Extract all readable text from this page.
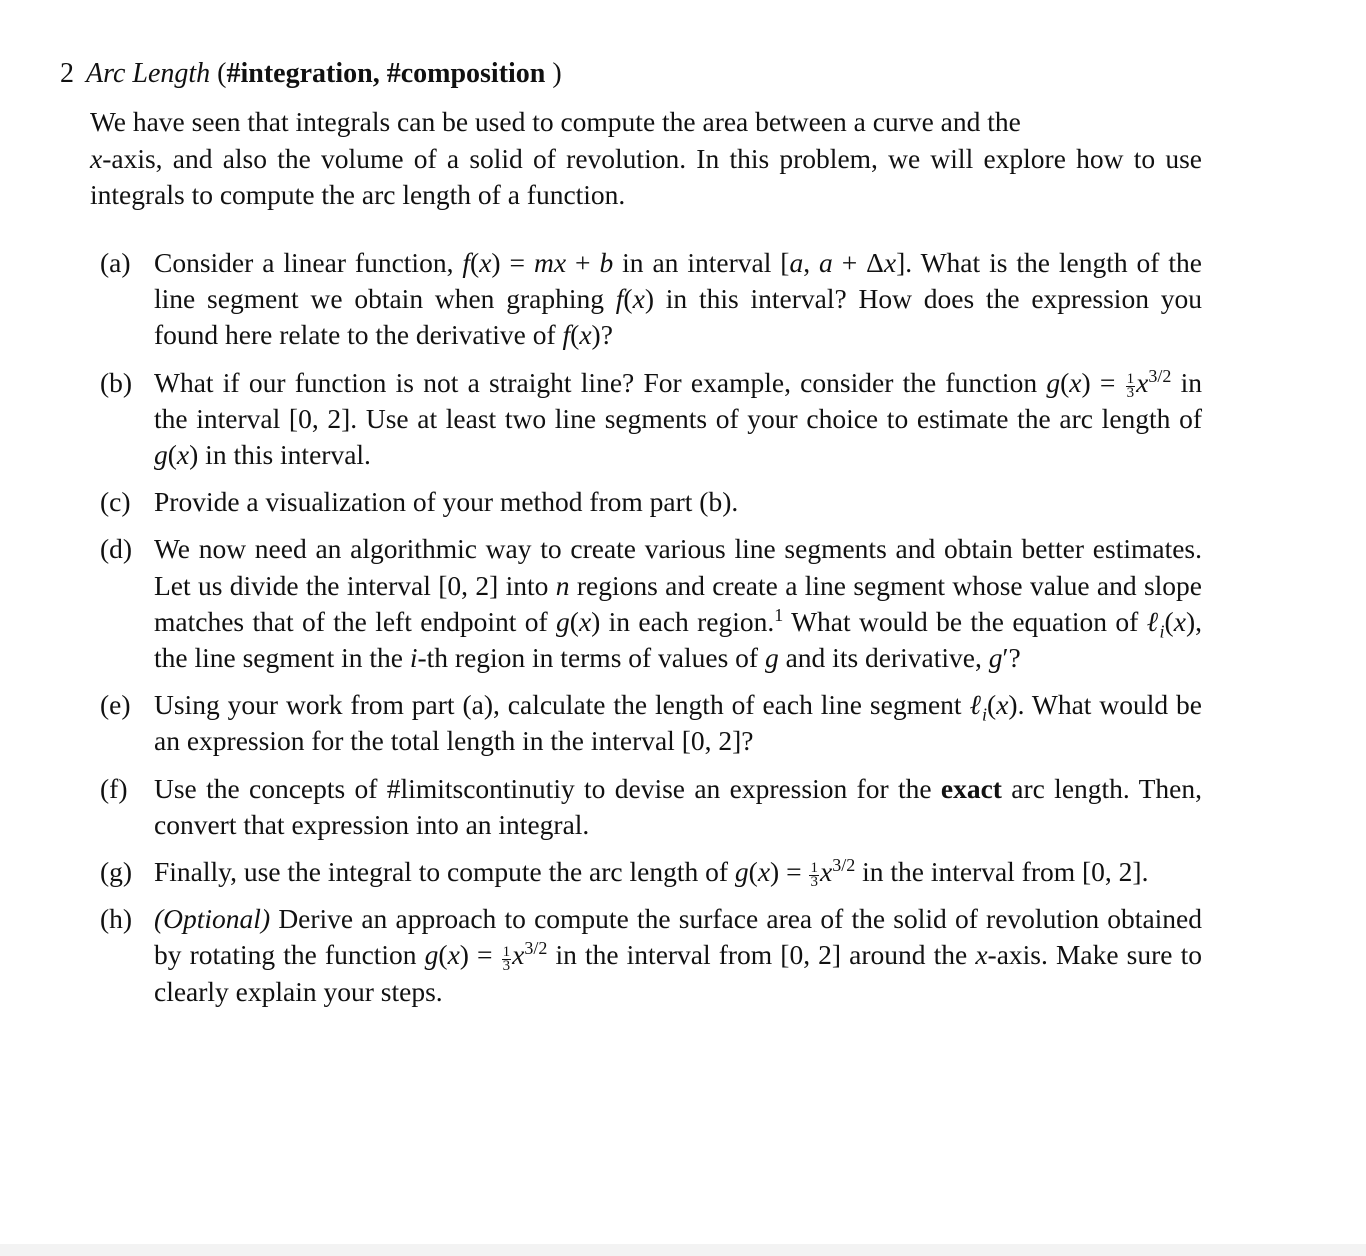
2 Arc Length (#integration, #composition )
We have seen that integrals can be used to compute the area between a curve and the
x-axis, and also the volume of a solid of revolution. In this problem, we will explore how to use integrals to compute the arc length of a function.
(a) Consider a linear function, f(x) = mx + b in an interval [a, a + Δx]. What is the length of the line segment we obtain when graphing f(x) in this interval? How does the expression you found here relate to the derivative of f(x)?
(b) What if our function is not a straight line? For example, consider the function $g(x) = \frac{1}{3} x^{3/2}$ in the interval [0, 2]. Use at least two line segments of your choice to estimate the arc length of g(x) in this interval.
(c) Provide a visualization of your method from part (b).
(d) We now need an algorithmic way to create various line segments and obtain better estimates. Let us divide the interval [0, 2] into n regions and create a line segment whose value and slope matches that of the left endpoint of g(x) in each region.$^1$ What would be the equation of ℓ$_i$(x), the line segment in the i-th region in terms of values of g and its derivative, g′?
(e) Using your work from part (a), calculate the length of each line segment ℓ$_i$(x). What would be an expression for the total length in the interval [0, 2]?
(f) Use the concepts of #limitscontinutiy to devise an expression for the exact arc length. Then, convert that expression into an integral.
(g) Finally, use the integral to compute the arc length of $g(x) = \frac{1}{3} x^{3/2}$ in the interval from [0, 2].
(h) (Optional) Derive an approach to compute the surface area of the solid of revolution obtained by rotating the function $g(x) = \frac{1}{3} x^{3/2}$ in the interval from [0, 2] around the x-axis. Make sure to clearly explain your steps.
